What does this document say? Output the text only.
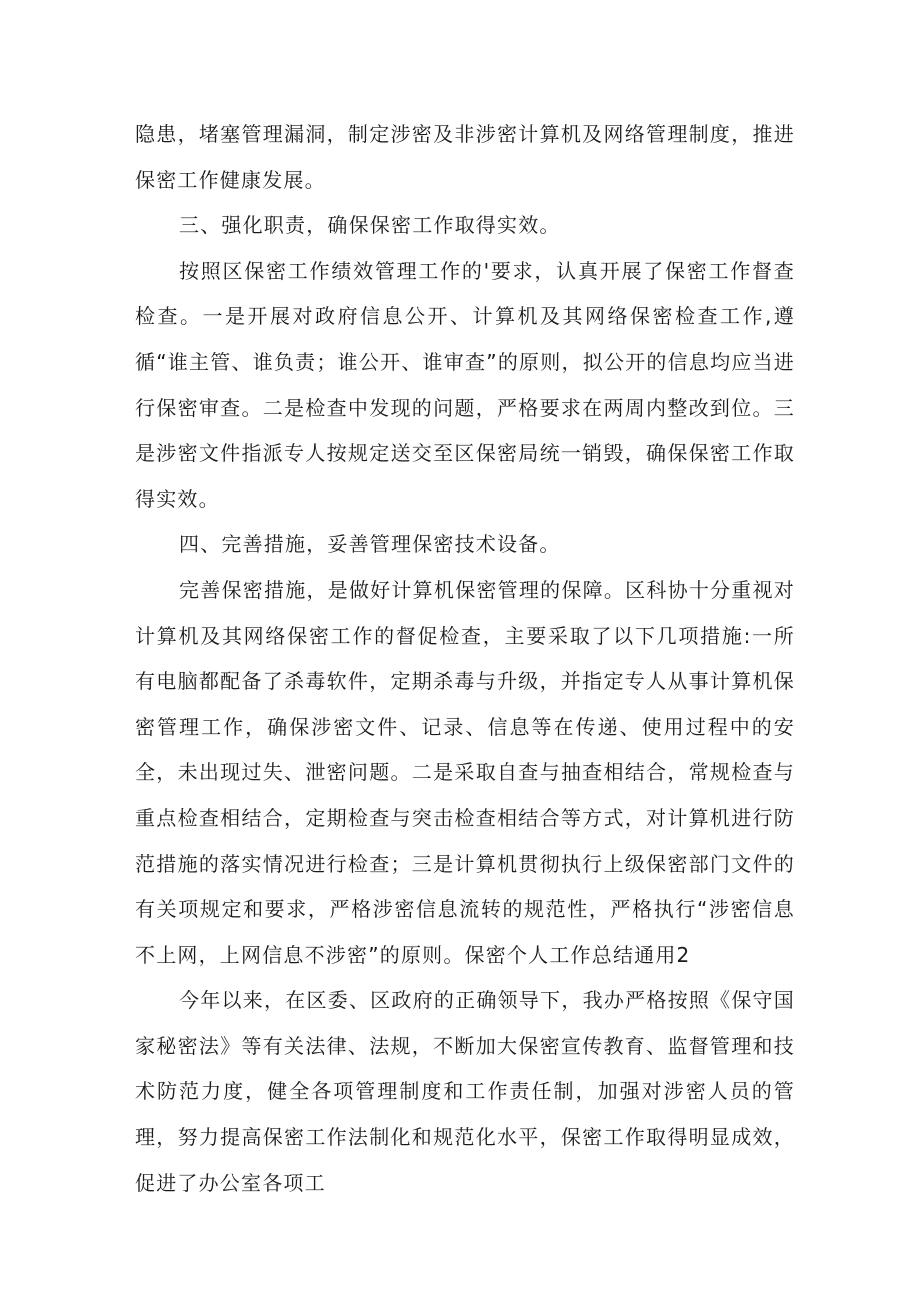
隐患，堵塞管理漏洞，制定涉密及非涉密计算机及网络管理制度，推进保密工作健康发展。

三、强化职责，确保保密工作取得实效。

按照区保密工作绩效管理工作的'要求，认真开展了保密工作督查检查。一是开展对政府信息公开、计算机及其网络保密检查工作,遵循“谁主管、谁负责；谁公开、谁审查”的原则，拟公开的信息均应当进行保密审查。二是检查中发现的问题，严格要求在两周内整改到位。三是涉密文件指派专人按规定送交至区保密局统一销毁，确保保密工作取得实效。

四、完善措施，妥善管理保密技术设备。

完善保密措施，是做好计算机保密管理的保障。区科协十分重视对计算机及其网络保密工作的督促检查，主要采取了以下几项措施:一所有电脑都配备了杀毒软件，定期杀毒与升级，并指定专人从事计算机保密管理工作，确保涉密文件、记录、信息等在传递、使用过程中的安全，未出现过失、泄密问题。二是采取自查与抽查相结合，常规检查与重点检查相结合，定期检查与突击检查相结合等方式，对计算机进行防范措施的落实情况进行检查；三是计算机贯彻执行上级保密部门文件的有关项规定和要求，严格涉密信息流转的规范性，严格执行“涉密信息不上网，上网信息不涉密”的原则。保密个人工作总结通用2

今年以来，在区委、区政府的正确领导下，我办严格按照《保守国家秘密法》等有关法律、法规，不断加大保密宣传教育、监督管理和技术防范力度，健全各项管理制度和工作责任制，加强对涉密人员的管理，努力提高保密工作法制化和规范化水平，保密工作取得明显成效，促进了办公室各项工
